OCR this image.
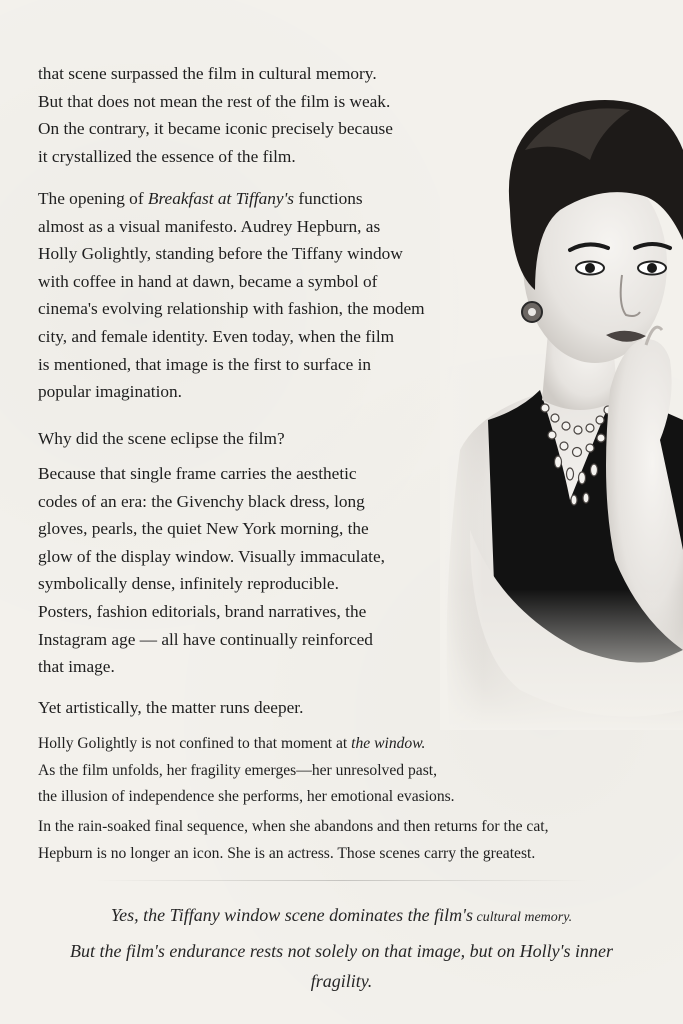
that scene surpassed the film in cultural memory.
But that does not mean the rest of the film is weak.
On the contrary, it became iconic precisely because
it crystallized the essence of the film.

The opening of Breakfast at Tiffany's functions
almost as a visual manifesto. Audrey Hepburn, as
Holly Golightly, standing before the Tiffany window
with coffee in hand at dawn, became a symbol of
cinema's evolving relationship with fashion, the modem
city, and female identity. Even today, when the film
is mentioned, that image is the first to surface in
popular imagination.

Why did the scene eclipse the film?

Because that single frame carries the aesthetic
codes of an era: the Givenchy black dress, long
gloves, pearls, the quiet New York morning, the
glow of the display window. Visually immaculate,
symbolically dense, infinitely reproducible.
Posters, fashion editorials, brand narratives, the
Instagram age — all have continually reinforced
that image.

Yet artistically, the matter runs deeper.

Holly Golightly is not confined to that moment at the window.
As the film unfolds, her fragility emerges—her unresolved past,
the illusion of independence she performs, her emotional evasions.

In the rain-soaked final sequence, when she abandons and then returns for the cat,
Hepburn is no longer an icon. She is an actress. Those scenes carry the greatest.

Yes, the Tiffany window scene dominates the film's cultural memory.

But the film's endurance rests not solely on that image, but on Holly's inner

fragility.
